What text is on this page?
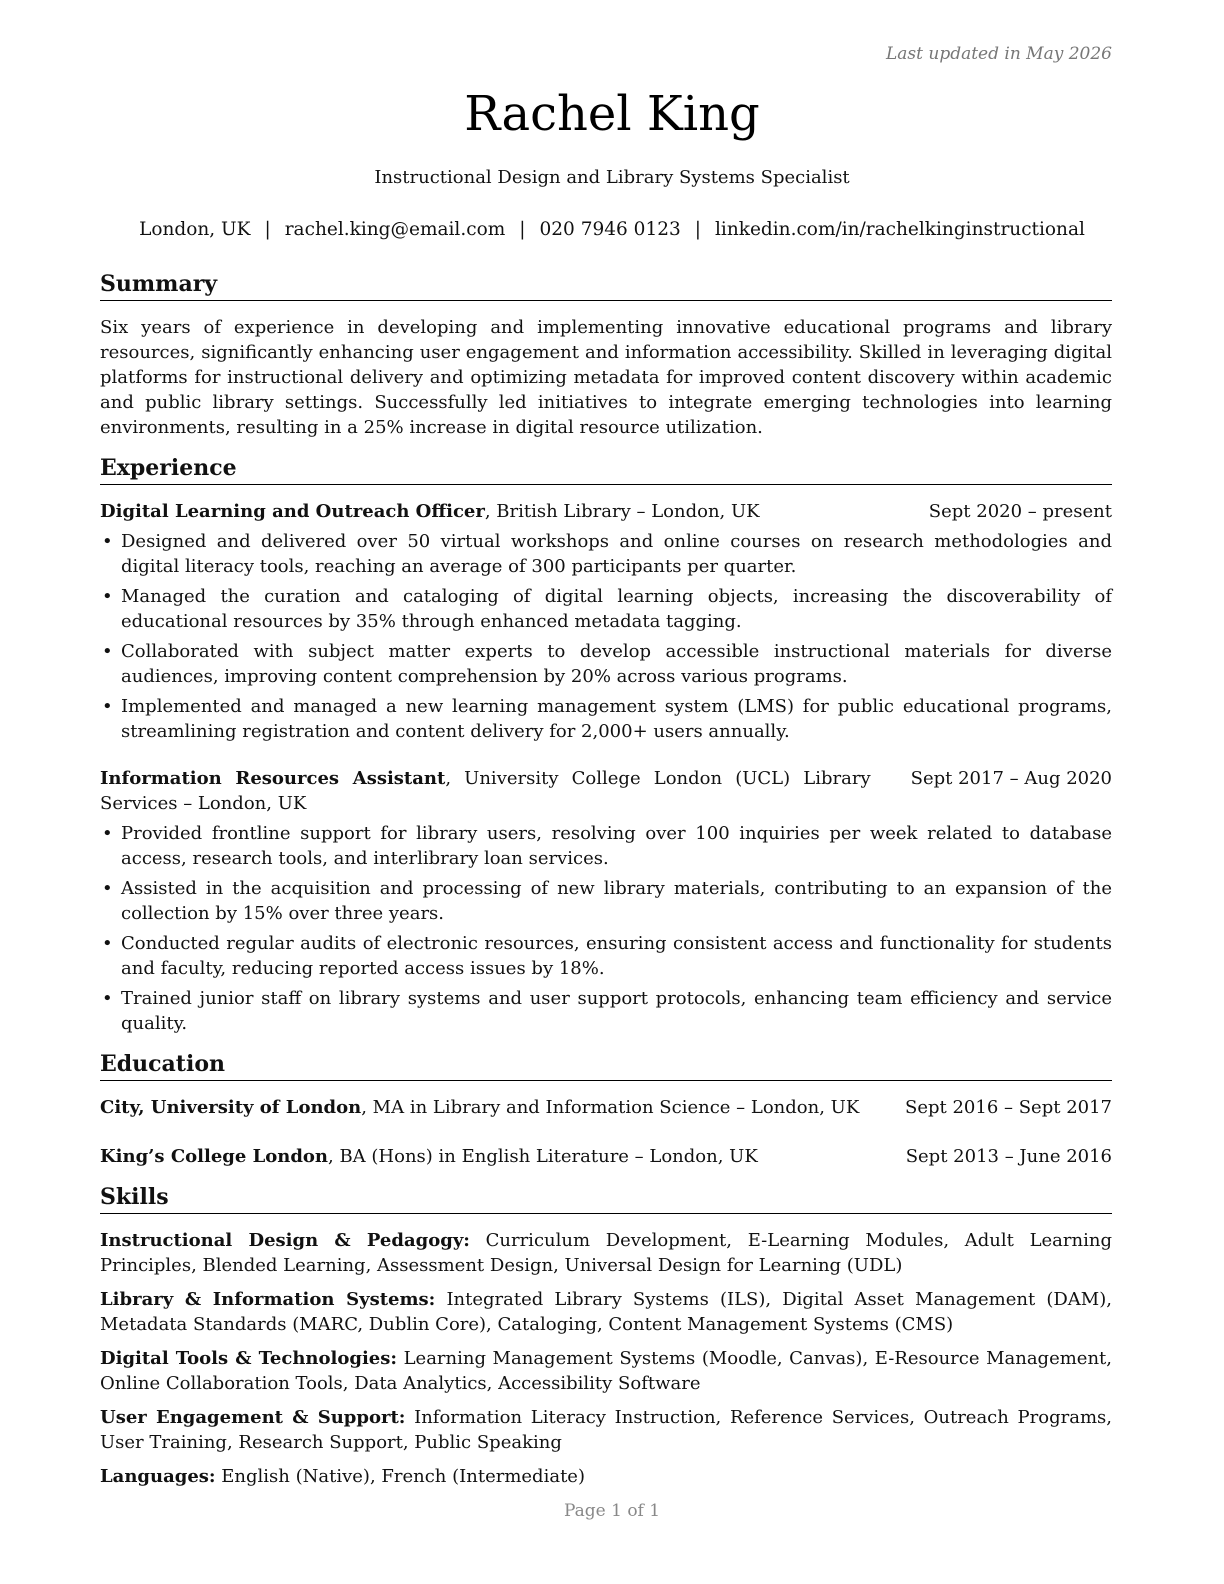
Last updated in May 2026
Rachel King
Instructional Design and Library Systems Specialist
London, UK | rachel.king@email.com | 020 7946 0123 | linkedin.com/in/rachelkinginstructional
Summary

Six years of experience in developing and implementing innovative educational programs and library resources, significantly enhancing user engagement and information accessibility. Skilled in leveraging digital platforms for instructional delivery and optimizing metadata for improved content discovery within academic and public library settings. Successfully led initiatives to integrate emerging technologies into learning environments, resulting in a 25% increase in digital resource utilization.

Experience
Digital Learning and Outreach Officer, British Library – London, UK	Sept 2020 – present
• Designed and delivered over 50 virtual workshops and online courses on research methodologies and digital literacy tools, reaching an average of 300 participants per quarter.
• Managed the curation and cataloging of digital learning objects, increasing the discoverability of educational resources by 35% through enhanced metadata tagging.
• Collaborated with subject matter experts to develop accessible instructional materials for diverse audiences, improving content comprehension by 20% across various programs.
• Implemented and managed a new learning management system (LMS) for public educational programs, streamlining registration and content delivery for 2,000+ users annually.
Information Resources Assistant, University College London (UCL) Library Services – London, UK
Sept 2017 – Aug 2020
• Provided frontline support for library users, resolving over 100 inquiries per week related to database access, research tools, and interlibrary loan services.
• Assisted in the acquisition and processing of new library materials, contributing to an expansion of the collection by 15% over three years.
• Conducted regular audits of electronic resources, ensuring consistent access and functionality for students and faculty, reducing reported access issues by 18%.
• Trained junior staff on library systems and user support protocols, enhancing team efficiency and service quality.
Education
City, University of London, MA in Library and Information Science – London, UK	Sept 2016 – Sept 2017
King’s College London, BA (Hons) in English Literature – London, UK	Sept 2013 – June 2016
Skills
Instructional Design & Pedagogy: Curriculum Development, E-Learning Modules, Adult Learning Principles, Blended Learning, Assessment Design, Universal Design for Learning (UDL)
Library & Information Systems: Integrated Library Systems (ILS), Digital Asset Management (DAM), Metadata Standards (MARC, Dublin Core), Cataloging, Content Management Systems (CMS)
Digital Tools & Technologies: Learning Management Systems (Moodle, Canvas), E-Resource Management, Online Collaboration Tools, Data Analytics, Accessibility Software
User Engagement & Support: Information Literacy Instruction, Reference Services, Outreach Programs, User Training, Research Support, Public Speaking
Languages: English (Native), French (Intermediate)
Page 1 of 1
